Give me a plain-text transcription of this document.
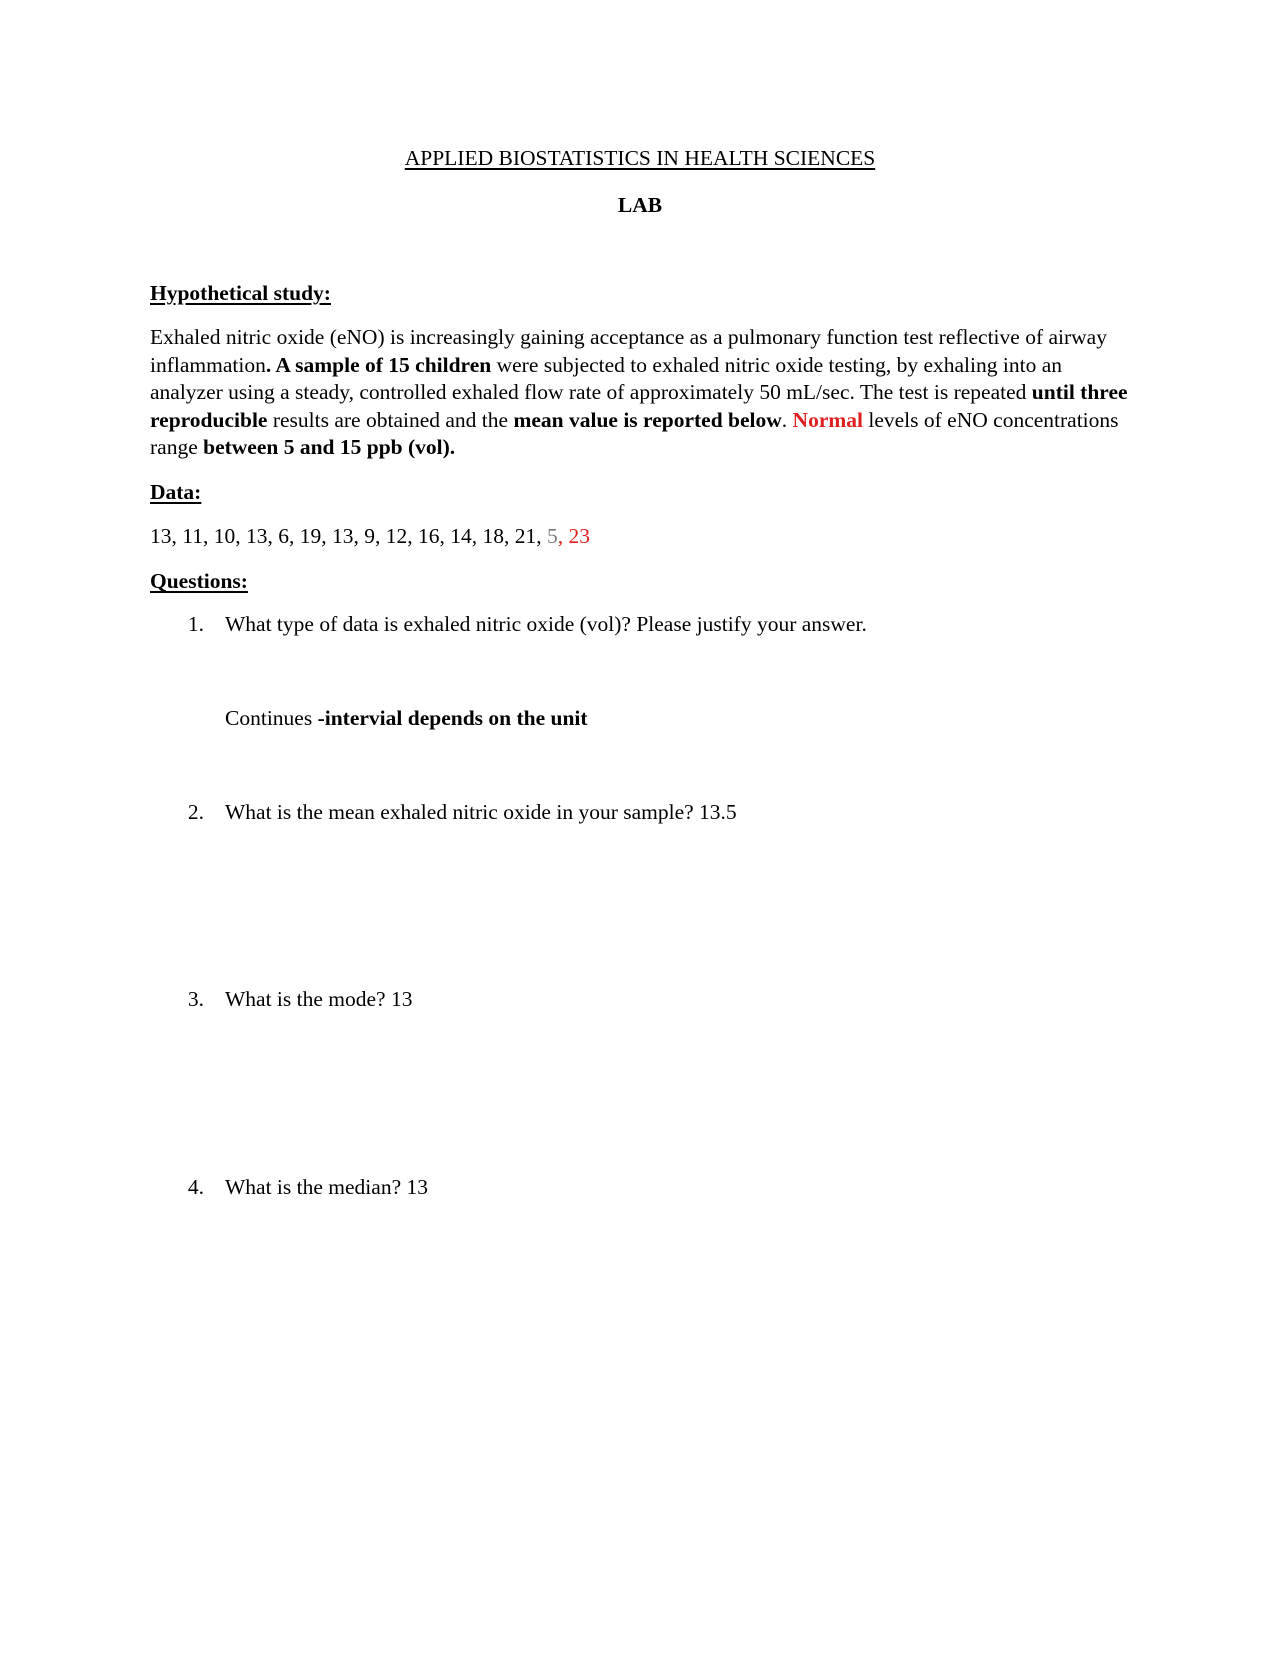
APPLIED BIOSTATISTICS IN HEALTH SCIENCES
LAB
Hypothetical study:
Exhaled nitric oxide (eNO) is increasingly gaining acceptance as a pulmonary function test reflective of airway inflammation. A sample of 15 children were subjected to exhaled nitric oxide testing, by exhaling into an analyzer using a steady, controlled exhaled flow rate of approximately 50 mL/sec. The test is repeated until three reproducible results are obtained and the mean value is reported below. Normal levels of eNO concentrations range between 5 and 15 ppb (vol).
Data:
13, 11, 10, 13, 6, 19, 13, 9, 12, 16, 14, 18, 21, 5, 23
Questions:
1. What type of data is exhaled nitric oxide (vol)? Please justify your answer.
Continues -intervial depends on the unit
2. What is the mean exhaled nitric oxide in your sample? 13.5
3. What is the mode? 13
4. What is the median? 13
